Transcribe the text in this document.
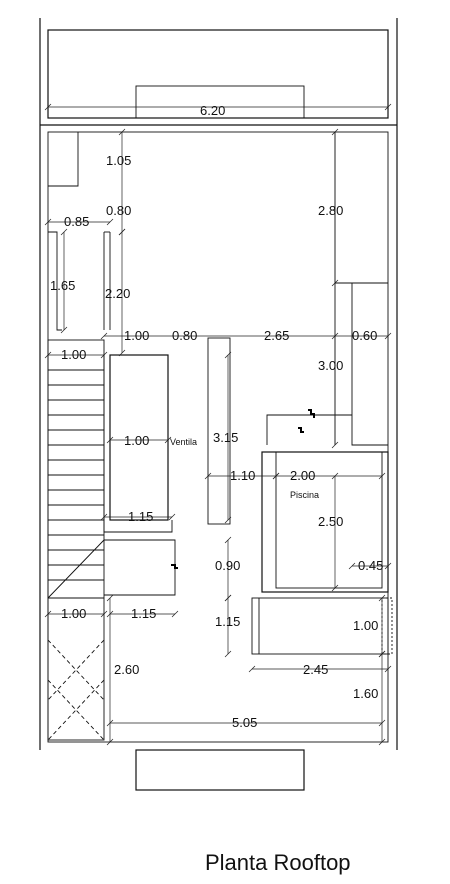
6.20
1.05
2.80
0.85
0.80
1.65
2.20
1.00 0.80	2.65	0.60
1.00
3.00
1.00 Ventila 3.15
1.10	2.00
Piscina
1.15	2.50
0.90	0.45
1.00	1.15
1.15	1.00
2.45
2.60
1.60
5.05
Planta Rooftop
